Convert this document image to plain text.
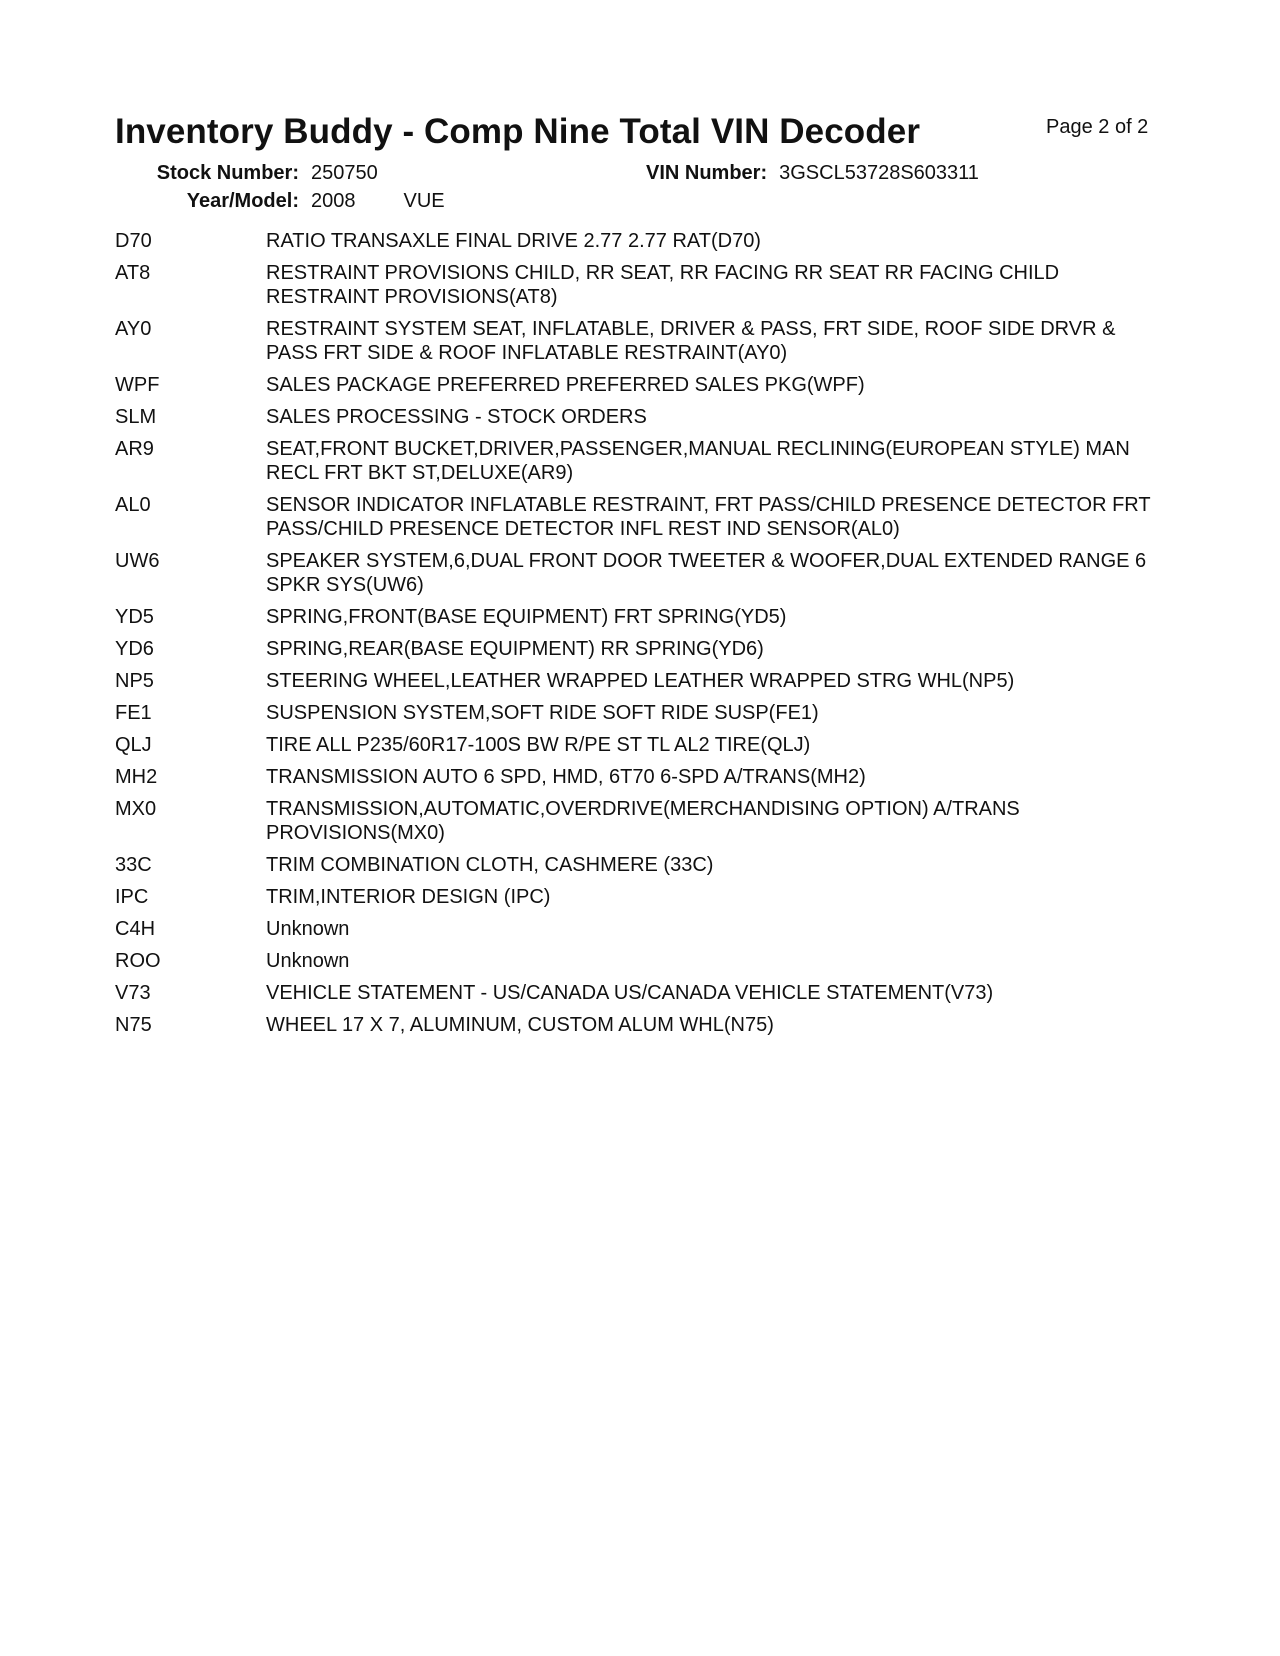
Inventory Buddy - Comp Nine Total VIN Decoder	Page 2 of 2
Stock Number: 250750	VIN Number: 3GSCL53728S603311
Year/Model: 2008 VUE
D70	RATIO TRANSAXLE FINAL DRIVE 2.77 2.77 RAT(D70)
AT8	RESTRAINT PROVISIONS CHILD, RR SEAT, RR FACING RR SEAT RR FACING CHILD RESTRAINT PROVISIONS(AT8)
AY0	RESTRAINT SYSTEM SEAT, INFLATABLE, DRIVER & PASS, FRT SIDE, ROOF SIDE DRVR & PASS FRT SIDE & ROOF INFLATABLE RESTRAINT(AY0)
WPF	SALES PACKAGE PREFERRED PREFERRED SALES PKG(WPF)
SLM	SALES PROCESSING - STOCK ORDERS
AR9	SEAT,FRONT BUCKET,DRIVER,PASSENGER,MANUAL RECLINING(EUROPEAN STYLE) MAN RECL FRT BKT ST,DELUXE(AR9)
AL0	SENSOR INDICATOR INFLATABLE RESTRAINT, FRT PASS/CHILD PRESENCE DETECTOR FRT PASS/CHILD PRESENCE DETECTOR INFL REST IND SENSOR(AL0)
UW6	SPEAKER SYSTEM,6,DUAL FRONT DOOR TWEETER & WOOFER,DUAL EXTENDED RANGE 6 SPKR SYS(UW6)
YD5	SPRING,FRONT(BASE EQUIPMENT) FRT SPRING(YD5)
YD6	SPRING,REAR(BASE EQUIPMENT) RR SPRING(YD6)
NP5	STEERING WHEEL,LEATHER WRAPPED LEATHER WRAPPED STRG WHL(NP5)
FE1	SUSPENSION SYSTEM,SOFT RIDE SOFT RIDE SUSP(FE1)
QLJ	TIRE ALL P235/60R17-100S BW R/PE ST TL AL2 TIRE(QLJ)
MH2	TRANSMISSION AUTO 6 SPD, HMD, 6T70 6-SPD A/TRANS(MH2)
MX0	TRANSMISSION,AUTOMATIC,OVERDRIVE(MERCHANDISING OPTION) A/TRANS PROVISIONS(MX0)
33C	TRIM COMBINATION CLOTH, CASHMERE (33C)
IPC	TRIM,INTERIOR DESIGN (IPC)
C4H	Unknown
ROO	Unknown
V73	VEHICLE STATEMENT - US/CANADA US/CANADA VEHICLE STATEMENT(V73)
N75	WHEEL 17 X 7, ALUMINUM, CUSTOM ALUM WHL(N75)
